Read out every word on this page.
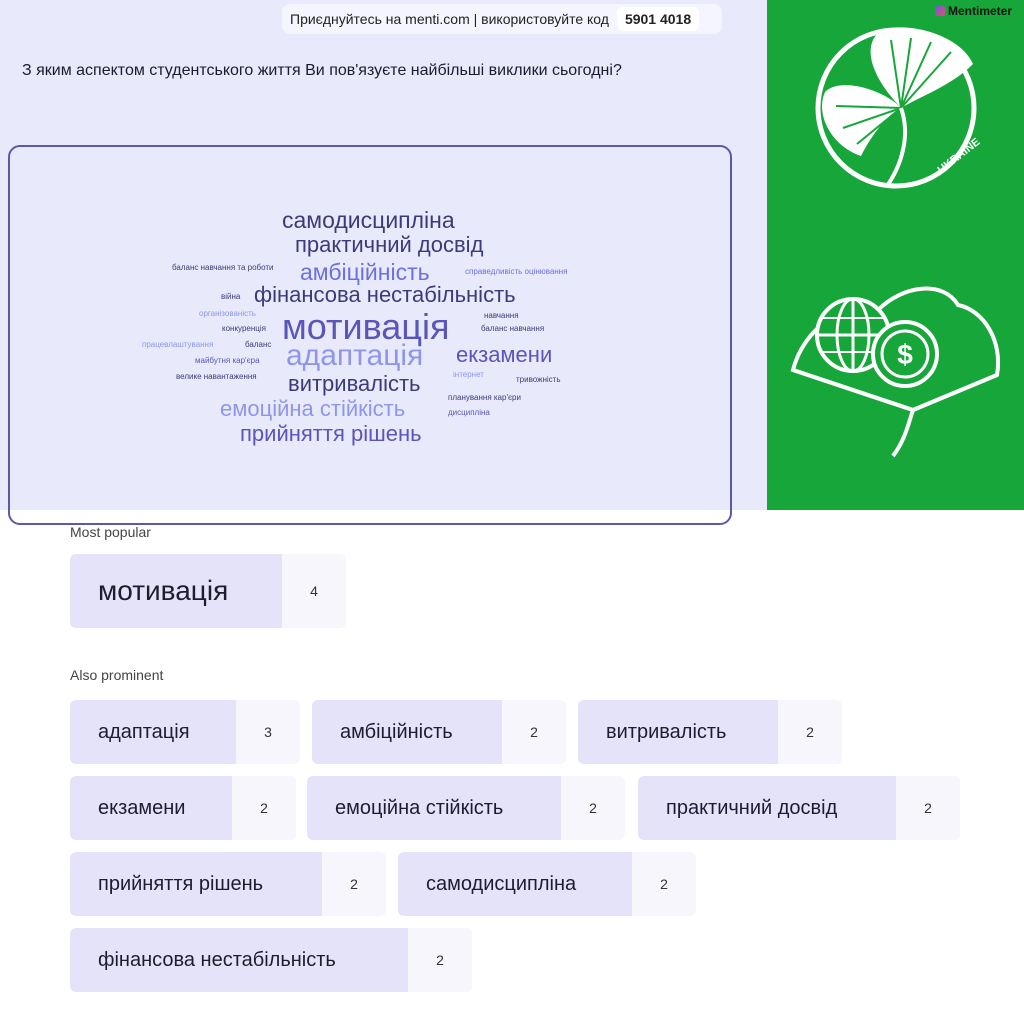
Приєднуйтесь на menti.com | використовуйте код	5901 4018
З яким аспектом студентського життя Ви пов'язуєте найбільші виклики сьогодні?
самодисципліна
практичний досвід
баланс навчання та роботи амбіційність	справедливість оцінювання
війна фінансова нестабільність
організованість	навчання
конкуренція мотивація	баланс навчання
працевлаштування	баланс адаптація екзамени
майбутня кар'єра
велике навантаження витривалість	інтернет
тривожність
планування кар'єри
емоційна стійкість	дисципліна
прийняття рішень
Mentimeter
UKRAINE
$
Most popular
мотивація	4
Also prominent
адаптація	3	амбіційність	2	витривалість	2
екзамени	2	емоційна стійкість	2	практичний досвід	2
прийняття рішень	2	самодисципліна	2
фінансова нестабільність	2
